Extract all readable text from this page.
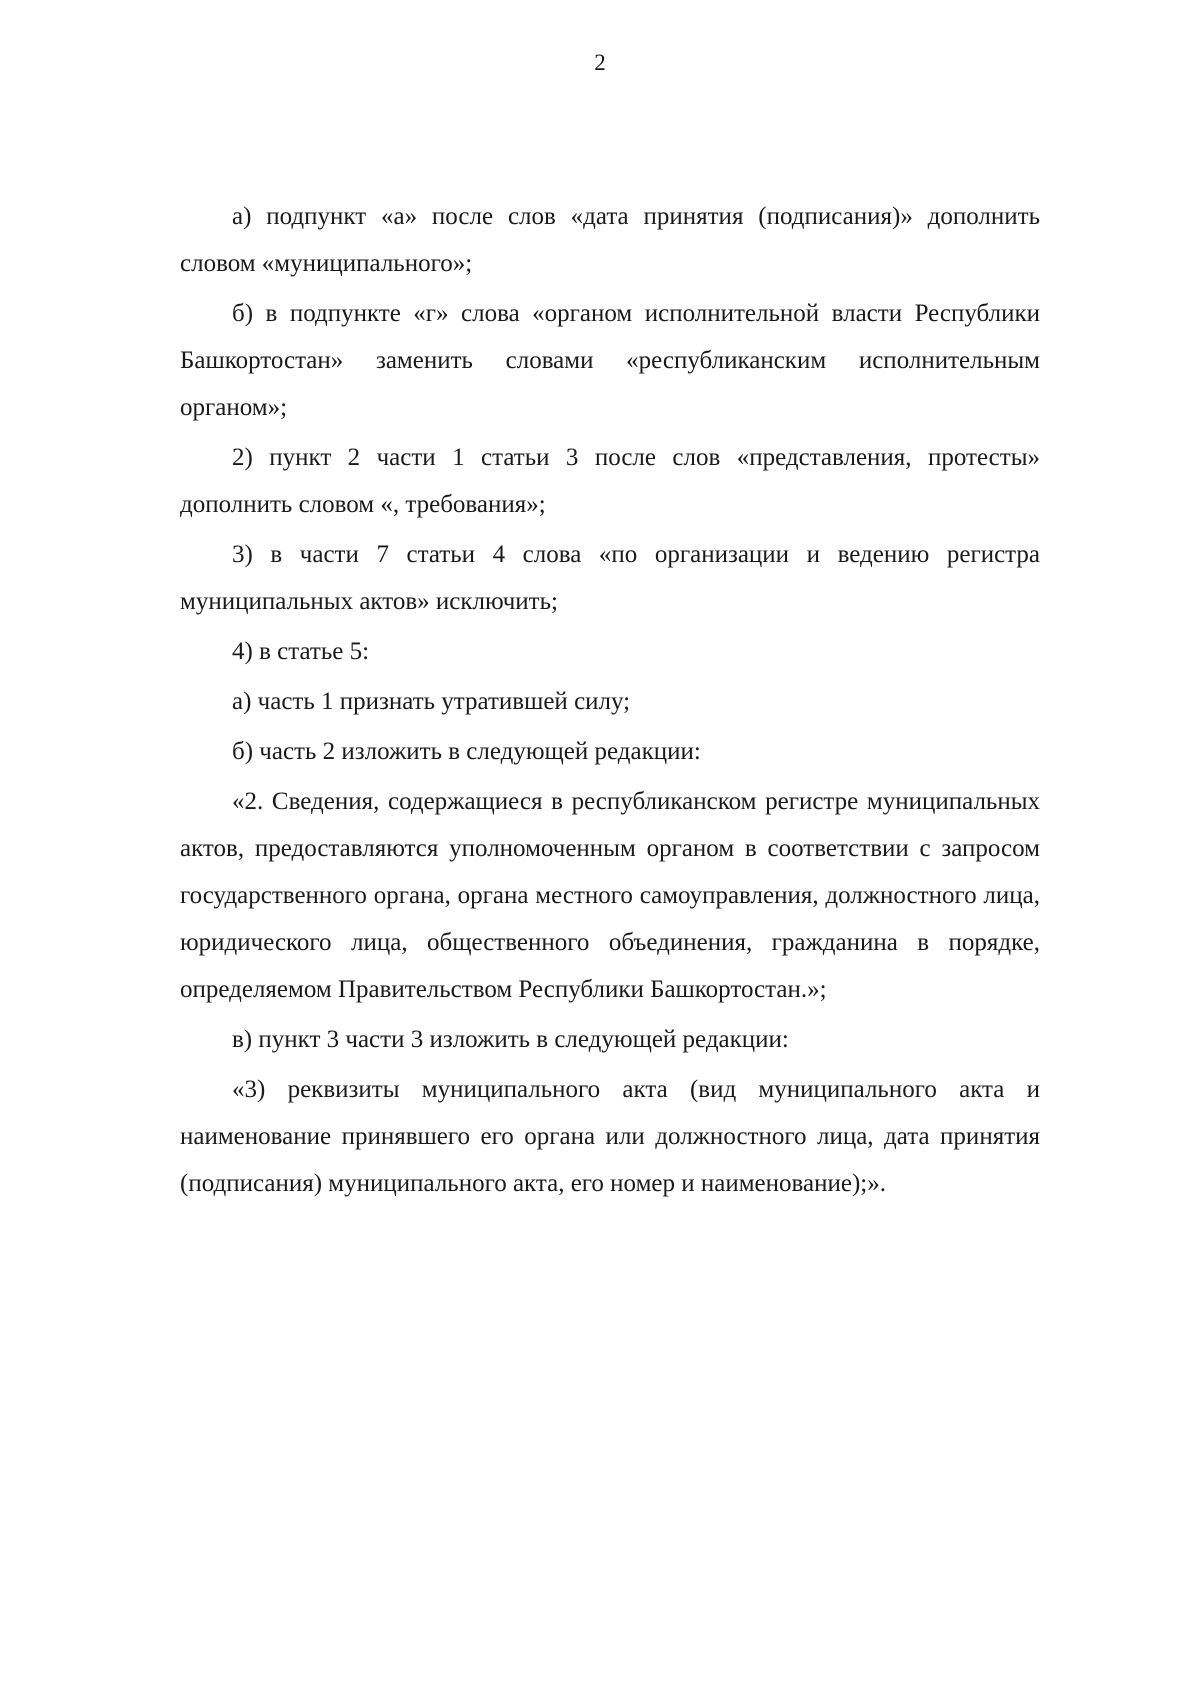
2

а) подпункт «а» после слов «дата принятия (подписания)» дополнить словом «муниципального»;

б) в подпункте «г» слова «органом исполнительной власти Республики Башкортостан» заменить словами «республиканским исполнительным органом»;

2) пункт 2 части 1 статьи 3 после слов «представления, протесты» дополнить словом «, требования»;

3) в части 7 статьи 4 слова «по организации и ведению регистра муниципальных актов» исключить;

4) в статье 5:

а) часть 1 признать утратившей силу;

б) часть 2 изложить в следующей редакции:

«2. Сведения, содержащиеся в республиканском регистре муниципальных актов, предоставляются уполномоченным органом в соответствии с запросом государственного органа, органа местного самоуправления, должностного лица, юридического лица, общественного объединения, гражданина в порядке, определяемом Правительством Республики Башкортостан.»;

в) пункт 3 части 3 изложить в следующей редакции:

«3) реквизиты муниципального акта (вид муниципального акта и наименование принявшего его органа или должностного лица, дата принятия (подписания) муниципального акта, его номер и наименование);».
